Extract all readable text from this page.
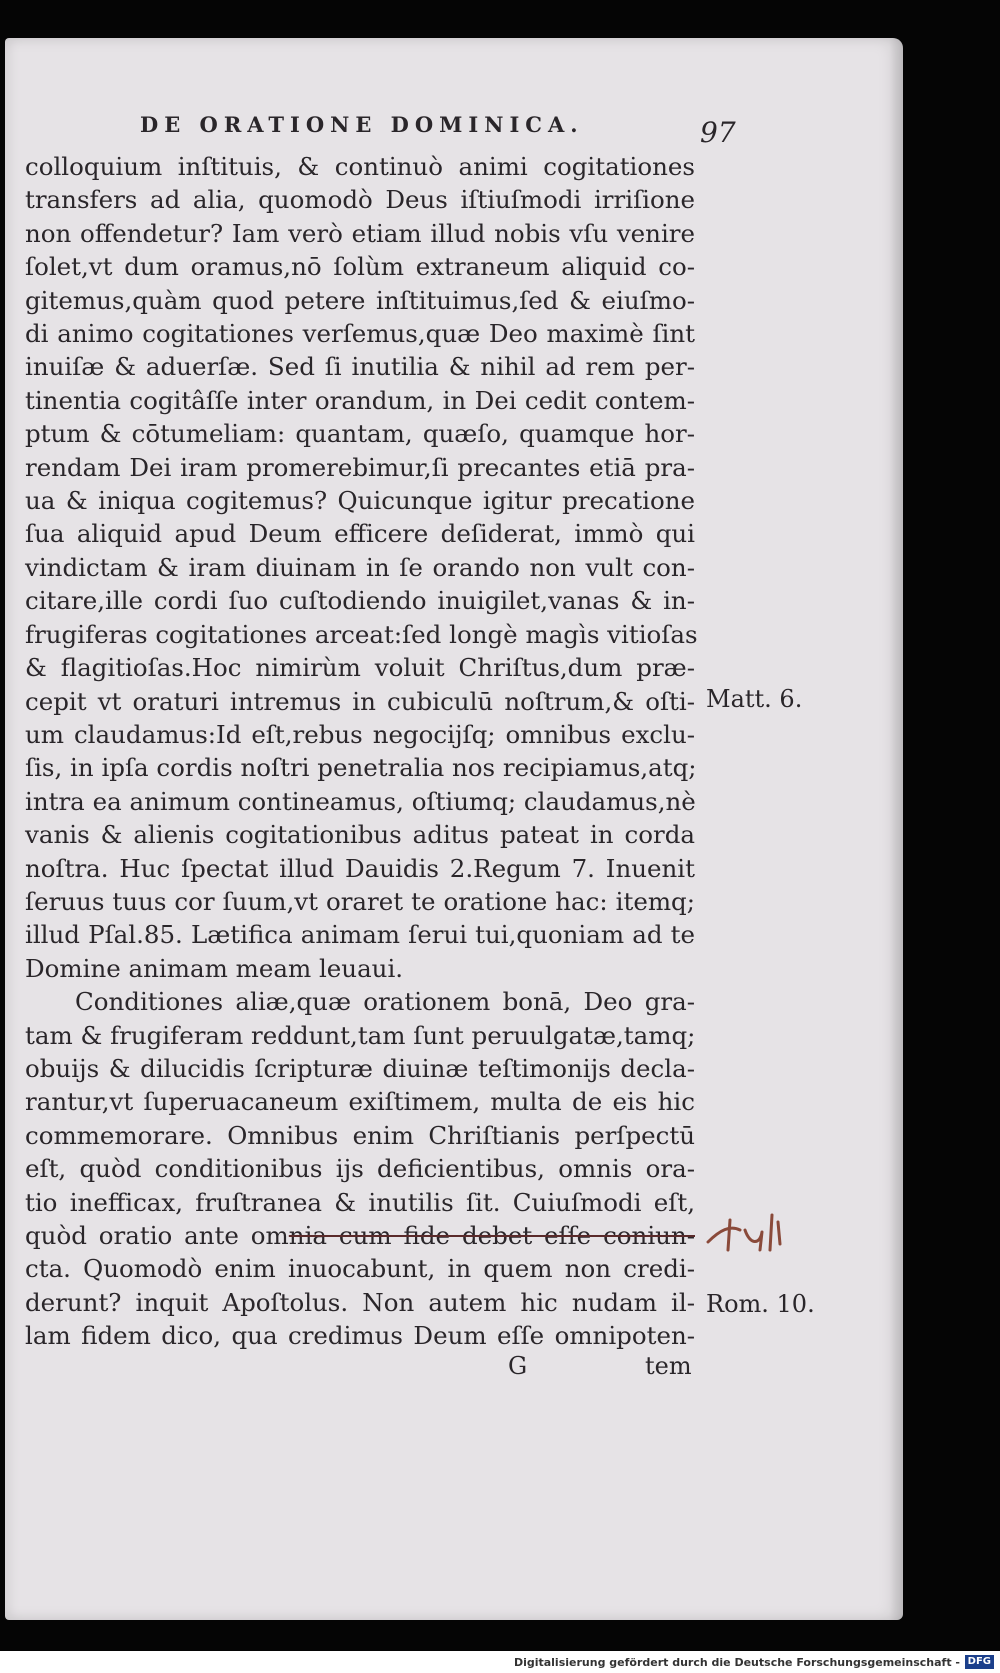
DE ORATIONE DOMINICA.	97
colloquium inſtituis, & continuò animi cogitationes
transfers ad alia, quomodò Deus iſtiuſmodi irriſione
non offendetur? Iam verò etiam illud nobis vſu venire
ſolet,vt dum oramus,nō ſolùm extraneum aliquid co-
gitemus,quàm quod petere inſtituimus,ſed & eiuſmo-
di animo cogitationes verſemus,quæ Deo maximè ſint
inuiſæ & aduerſæ. Sed ſi inutilia & nihil ad rem per-
tinentia cogitâſſe inter orandum, in Dei cedit contem-
ptum & cōtumeliam: quantam, quæſo, quamque hor-
rendam Dei iram promerebimur,ſi precantes etiā pra-
ua & iniqua cogitemus? Quicunque igitur precatione
ſua aliquid apud Deum efficere deſiderat, immò qui
vindictam & iram diuinam in ſe orando non vult con-
citare,ille cordi ſuo cuſtodiendo inuigilet,vanas & in-
frugiferas cogitationes arceat:ſed longè magìs vitioſas
& flagitioſas.Hoc nimirùm voluit Chriſtus,dum præ-
cepit vt oraturi intremus in cubiculū noſtrum,& oſti-
um claudamus:Id eſt,rebus negocijſq; omnibus exclu-
ſis, in ipſa cordis noſtri penetralia nos recipiamus,atq;
intra ea animum contineamus, oſtiumq; claudamus,nè
vanis & alienis cogitationibus aditus pateat in corda
noſtra. Huc ſpectat illud Dauidis 2.Regum 7. Inuenit
ſeruus tuus cor ſuum,vt oraret te oratione hac: itemq;
illud Pſal.85. Lætifica animam ſerui tui,quoniam ad te
Domine animam meam leuaui.
Conditiones aliæ,quæ orationem bonā, Deo gra-
tam & frugiferam reddunt,tam ſunt peruulgatæ,tamq;
obuijs & dilucidis ſcripturæ diuinæ teſtimonijs decla-
rantur,vt ſuperuacaneum exiſtimem, multa de eis hic
commemorare. Omnibus enim Chriſtianis perſpectū
eſt, quòd conditionibus ijs deficientibus, omnis ora-
tio inefficax, fruſtranea & inutilis ſit. Cuiuſmodi eſt,
quòd oratio ante omnia cum fide debet eſſe coniun-
cta. Quomodò enim inuocabunt, in quem non credi-
derunt? inquit Apoſtolus. Non autem hic nudam il-
lam fidem dico, qua credimus Deum eſſe omnipoten-
Matt. 6.
Rom. 10.
G	tem
Digitalisierung gefördert durch die Deutsche Forschungsgemeinschaft - DFG
